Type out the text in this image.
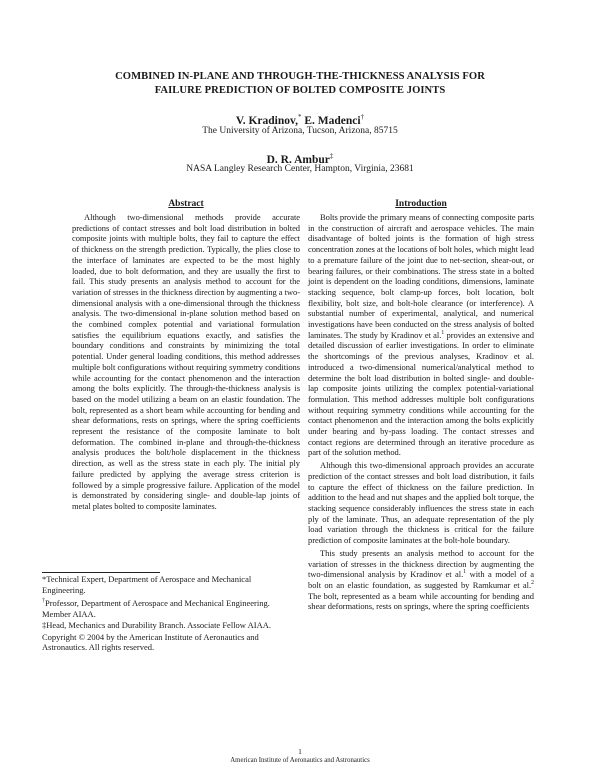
COMBINED IN-PLANE AND THROUGH-THE-THICKNESS ANALYSIS FOR
FAILURE PREDICTION OF BOLTED COMPOSITE JOINTS
V. Kradinov,* E. Madenci†
The University of Arizona, Tucson, Arizona, 85715
D. R. Ambur‡
NASA Langley Research Center, Hampton, Virginia, 23681
Abstract

Although two-dimensional methods provide accurate predictions of contact stresses and bolt load distribution in bolted composite joints with multiple bolts, they fail to capture the effect of thickness on the strength prediction. Typically, the plies close to the interface of laminates are expected to be the most highly loaded, due to bolt deformation, and they are usually the first to fail. This study presents an analysis method to account for the variation of stresses in the thickness direction by augmenting a two-dimensional analysis with a one-dimensional through the thickness analysis. The two-dimensional in-plane solution method based on the combined complex potential and variational formulation satisfies the equilibrium equations exactly, and satisfies the boundary conditions and constraints by minimizing the total potential. Under general loading conditions, this method addresses multiple bolt configurations without requiring symmetry conditions while accounting for the contact phenomenon and the interaction among the bolts explicitly. The through-the-thickness analysis is based on the model utilizing a beam on an elastic foundation. The bolt, represented as a short beam while accounting for bending and shear deformations, rests on springs, where the spring coefficients represent the resistance of the composite laminate to bolt deformation. The combined in-plane and through-the-thickness analysis produces the bolt/hole displacement in the thickness direction, as well as the stress state in each ply. The initial ply failure predicted by applying the average stress criterion is followed by a simple progressive failure. Application of the model is demonstrated by considering single- and double-lap joints of metal plates bolted to composite laminates.

*Technical Expert, Department of Aerospace and Mechanical Engineering.

†Professor, Department of Aerospace and Mechanical Engineering. Member AIAA.

‡Head, Mechanics and Durability Branch. Associate Fellow AIAA.

Copyright © 2004 by the American Institute of Aeronautics and Astronautics. All rights reserved.

Introduction

Bolts provide the primary means of connecting composite parts in the construction of aircraft and aerospace vehicles. The main disadvantage of bolted joints is the formation of high stress concentration zones at the locations of bolt holes, which might lead to a premature failure of the joint due to net-section, shear-out, or bearing failures, or their combinations. The stress state in a bolted joint is dependent on the loading conditions, dimensions, laminate stacking sequence, bolt clamp-up forces, bolt location, bolt flexibility, bolt size, and bolt-hole clearance (or interference). A substantial number of experimental, analytical, and numerical investigations have been conducted on the stress analysis of bolted laminates. The study by Kradinov et al.$^1$ provides an extensive and detailed discussion of earlier investigations. In order to eliminate the shortcomings of the previous analyses, Kradinov et al. introduced a two-dimensional numerical/analytical method to determine the bolt load distribution in bolted single- and double-lap composite joints utilizing the complex potential-variational formulation. This method addresses multiple bolt configurations without requiring symmetry conditions while accounting for the contact phenomenon and the interaction among the bolts explicitly under bearing and by-pass loading. The contact stresses and contact regions are determined through an iterative procedure as part of the solution method.

Although this two-dimensional approach provides an accurate prediction of the contact stresses and bolt load distribution, it fails to capture the effect of thickness on the failure prediction. In addition to the head and nut shapes and the applied bolt torque, the stacking sequence considerably influences the stress state in each ply of the laminate. Thus, an adequate representation of the ply load variation through the thickness is critical for the failure prediction of composite laminates at the bolt-hole boundary.

This study presents an analysis method to account for the variation of stresses in the thickness direction by augmenting the two-dimensional analysis by Kradinov et al.$^1$ with a model of a bolt on an elastic foundation, as suggested by Ramkumar et al.$^2$ The bolt, represented as a beam while accounting for bending and shear deformations, rests on springs, where the spring coefficients

1
American Institute of Aeronautics and Astronautics
